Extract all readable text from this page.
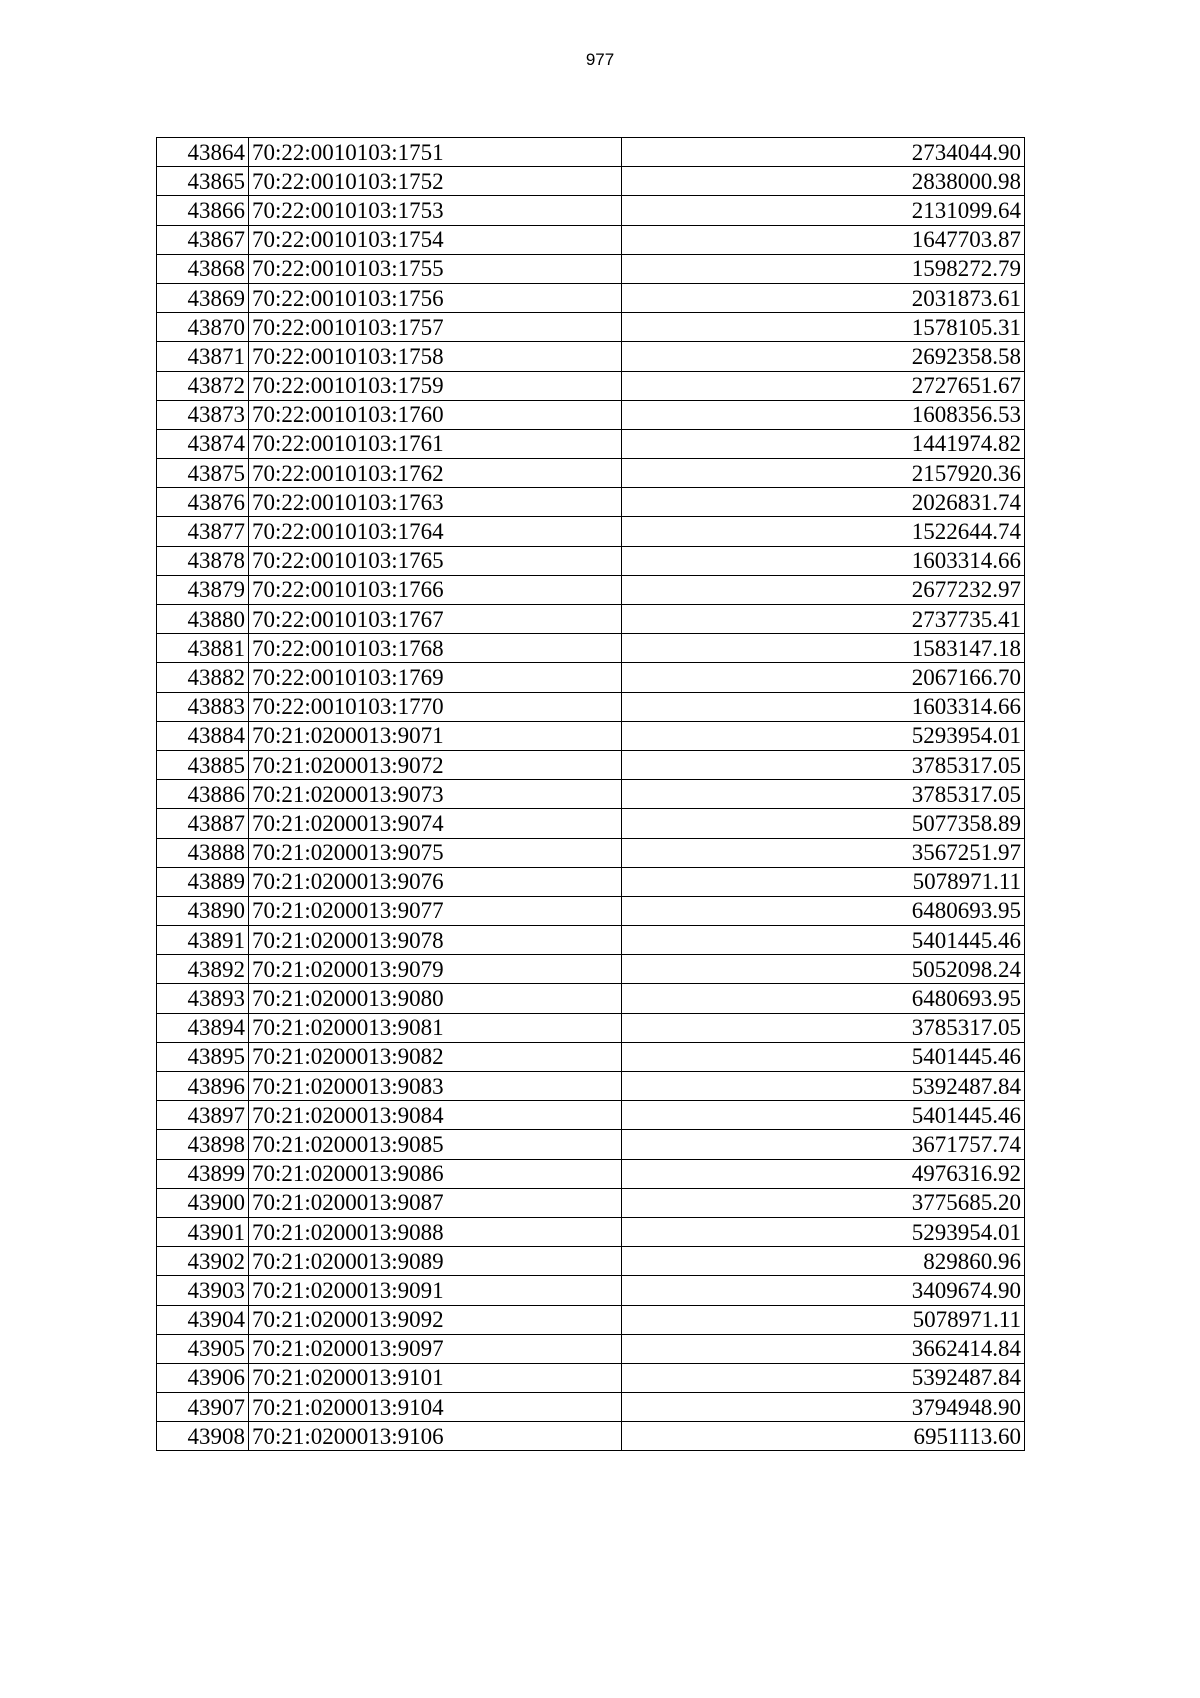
977
43864	70:22:0010103:1751	2734044.90
43865	70:22:0010103:1752	2838000.98
43866	70:22:0010103:1753	2131099.64
43867	70:22:0010103:1754	1647703.87
43868	70:22:0010103:1755	1598272.79
43869	70:22:0010103:1756	2031873.61
43870	70:22:0010103:1757	1578105.31
43871	70:22:0010103:1758	2692358.58
43872	70:22:0010103:1759	2727651.67
43873	70:22:0010103:1760	1608356.53
43874	70:22:0010103:1761	1441974.82
43875	70:22:0010103:1762	2157920.36
43876	70:22:0010103:1763	2026831.74
43877	70:22:0010103:1764	1522644.74
43878	70:22:0010103:1765	1603314.66
43879	70:22:0010103:1766	2677232.97
43880	70:22:0010103:1767	2737735.41
43881	70:22:0010103:1768	1583147.18
43882	70:22:0010103:1769	2067166.70
43883	70:22:0010103:1770	1603314.66
43884	70:21:0200013:9071	5293954.01
43885	70:21:0200013:9072	3785317.05
43886	70:21:0200013:9073	3785317.05
43887	70:21:0200013:9074	5077358.89
43888	70:21:0200013:9075	3567251.97
43889	70:21:0200013:9076	5078971.11
43890	70:21:0200013:9077	6480693.95
43891	70:21:0200013:9078	5401445.46
43892	70:21:0200013:9079	5052098.24
43893	70:21:0200013:9080	6480693.95
43894	70:21:0200013:9081	3785317.05
43895	70:21:0200013:9082	5401445.46
43896	70:21:0200013:9083	5392487.84
43897	70:21:0200013:9084	5401445.46
43898	70:21:0200013:9085	3671757.74
43899	70:21:0200013:9086	4976316.92
43900	70:21:0200013:9087	3775685.20
43901	70:21:0200013:9088	5293954.01
43902	70:21:0200013:9089	829860.96
43903	70:21:0200013:9091	3409674.90
43904	70:21:0200013:9092	5078971.11
43905	70:21:0200013:9097	3662414.84
43906	70:21:0200013:9101	5392487.84
43907	70:21:0200013:9104	3794948.90
43908	70:21:0200013:9106	6951113.60
